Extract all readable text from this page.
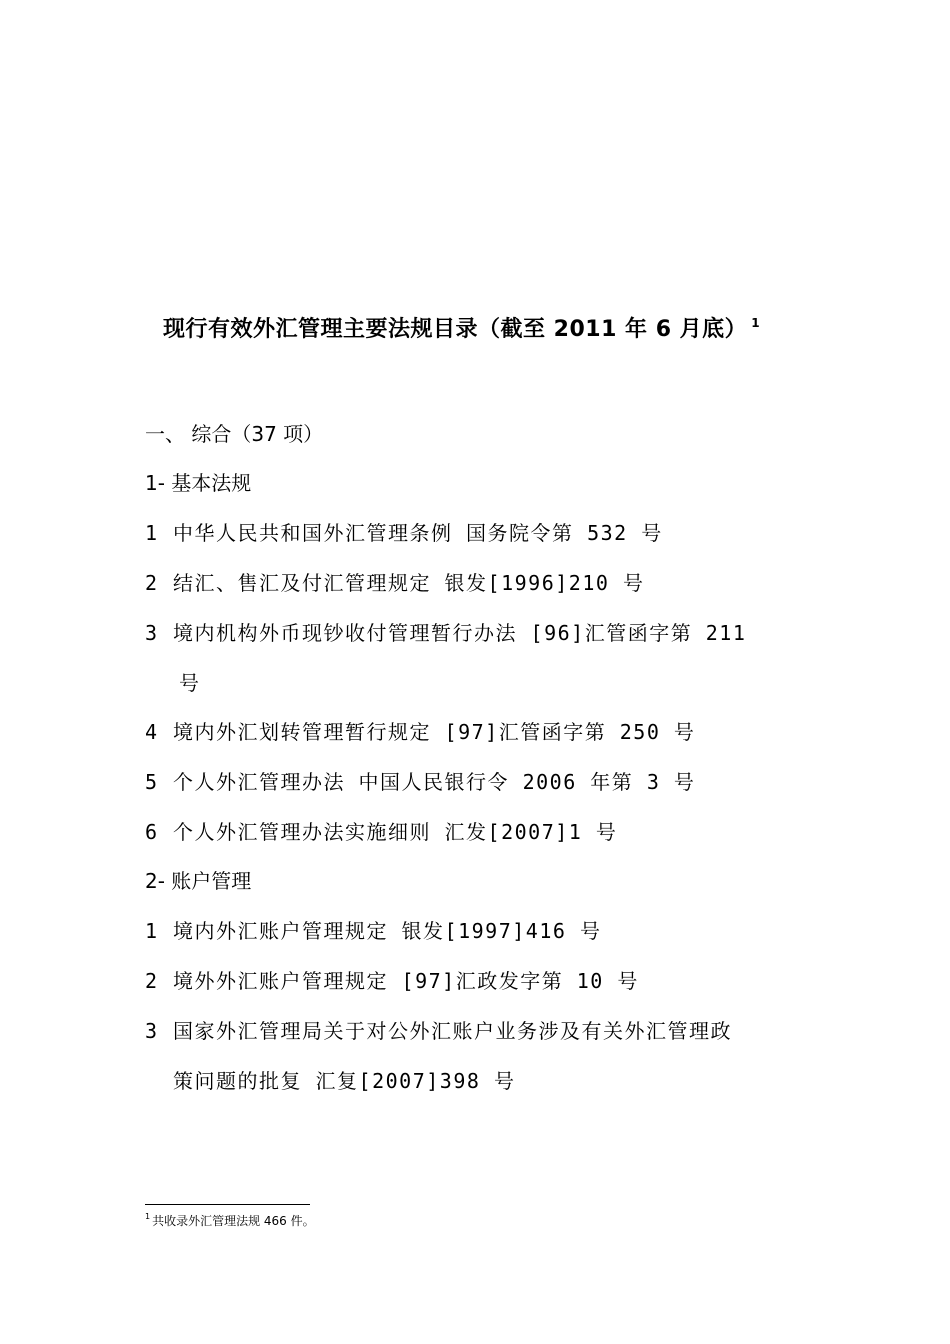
现行有效外汇管理主要法规目录（截至 2011 年 6 月底） $^1$
一、 综合（37 项）
1- 基本法规
1 中华人民共和国外汇管理条例 国务院令第 532 号
2 结汇、售汇及付汇管理规定 银发[1996]210 号
3 境内机构外币现钞收付管理暂行办法 [96]汇管函字第 211
号
4 境内外汇划转管理暂行规定 [97]汇管函字第 250 号
5 个人外汇管理办法 中国人民银行令 2006 年第 3 号
6 个人外汇管理办法实施细则 汇发[2007]1 号
2- 账户管理
1 境内外汇账户管理规定 银发[1997]416 号
2 境外外汇账户管理规定 [97]汇政发字第 10 号
3 国家外汇管理局关于对公外汇账户业务涉及有关外汇管理政
策问题的批复 汇复[2007]398 号
$^1$ 共收录外汇管理法规 466 件。
